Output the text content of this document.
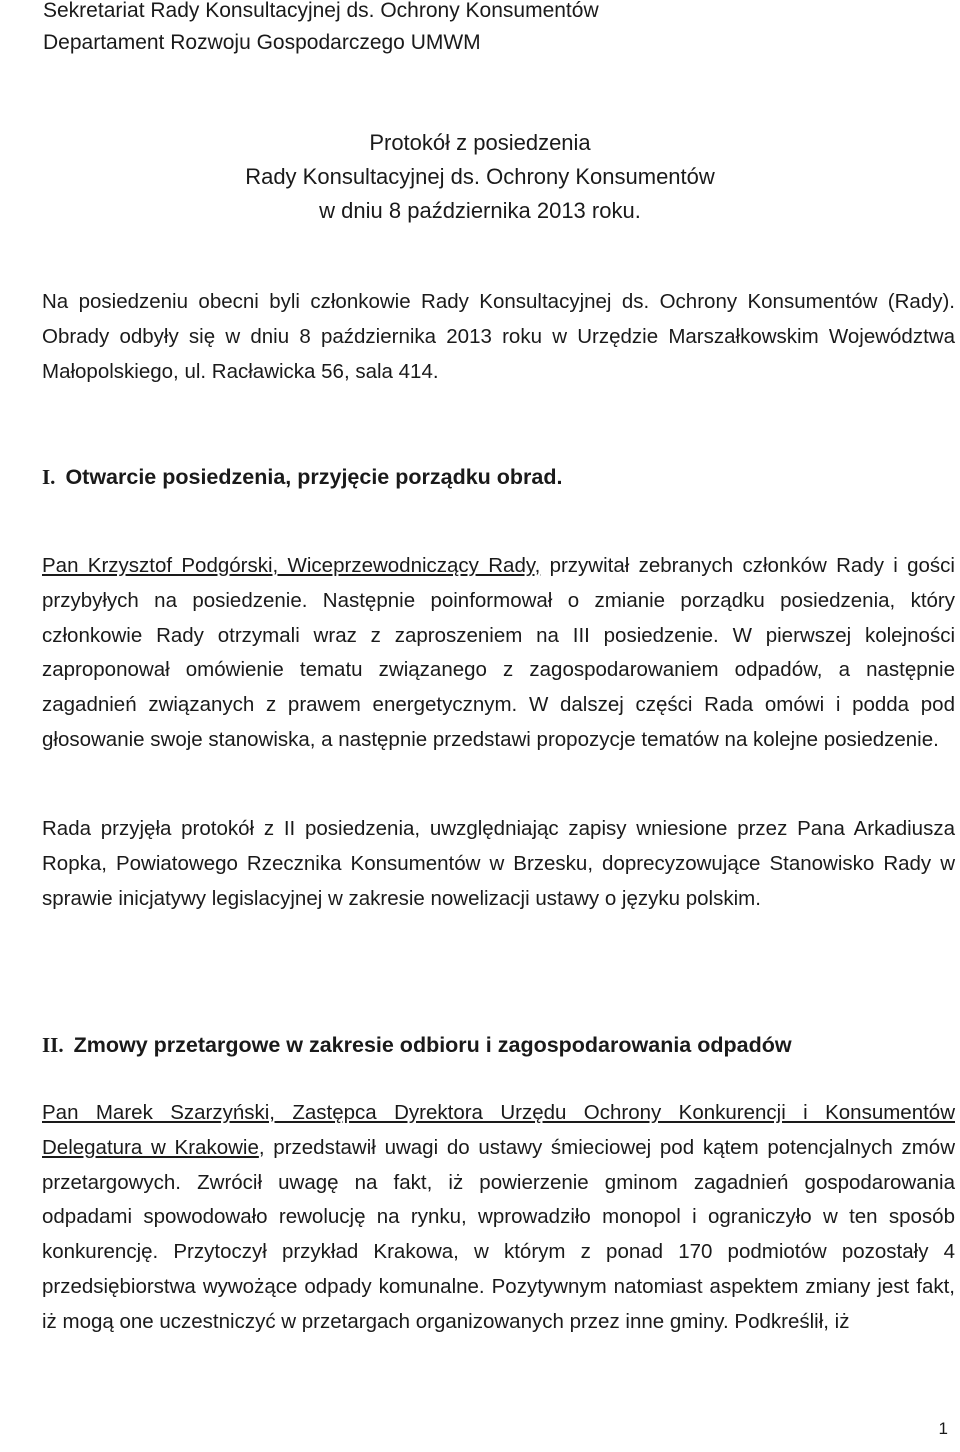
Sekretariat Rady Konsultacyjnej ds. Ochrony Konsumentów
Departament Rozwoju Gospodarczego UMWM
Protokół z posiedzenia
Rady Konsultacyjnej ds. Ochrony Konsumentów
w dniu 8 października 2013 roku.

Na posiedzeniu obecni byli członkowie Rady Konsultacyjnej ds. Ochrony Konsumentów (Rady). Obrady odbyły się w dniu 8 października 2013 roku w Urzędzie Marszałkowskim Województwa Małopolskiego, ul. Racławicka 56, sala 414.

I. Otwarcie posiedzenia, przyjęcie porządku obrad.

Pan Krzysztof Podgórski, Wiceprzewodniczący Rady, przywitał zebranych członków Rady i gości przybyłych na posiedzenie. Następnie poinformował o zmianie porządku posiedzenia, który członkowie Rady otrzymali wraz z zaproszeniem na III posiedzenie. W pierwszej kolejności zaproponował omówienie tematu związanego z zagospodarowaniem odpadów, a następnie zagadnień związanych z prawem energetycznym. W dalszej części Rada omówi i podda pod głosowanie swoje stanowiska, a następnie przedstawi propozycje tematów na kolejne posiedzenie.

Rada przyjęła protokół z II posiedzenia, uwzględniając zapisy wniesione przez Pana Arkadiusza Ropka, Powiatowego Rzecznika Konsumentów w Brzesku, doprecyzowujące Stanowisko Rady w sprawie inicjatywy legislacyjnej w zakresie nowelizacji ustawy o języku polskim.

II. Zmowy przetargowe w zakresie odbioru i zagospodarowania odpadów

Pan Marek Szarzyński, Zastępca Dyrektora Urzędu Ochrony Konkurencji i Konsumentów Delegatura w Krakowie, przedstawił uwagi do ustawy śmieciowej pod kątem potencjalnych zmów przetargowych. Zwrócił uwagę na fakt, iż powierzenie gminom zagadnień gospodarowania odpadami spowodowało rewolucję na rynku, wprowadziło monopol i ograniczyło w ten sposób konkurencję. Przytoczył przykład Krakowa, w którym z ponad 170 podmiotów pozostały 4 przedsiębiorstwa wywożące odpady komunalne. Pozytywnym natomiast aspektem zmiany jest fakt, iż mogą one uczestniczyć w przetargach organizowanych przez inne gminy. Podkreślił, iż

1
